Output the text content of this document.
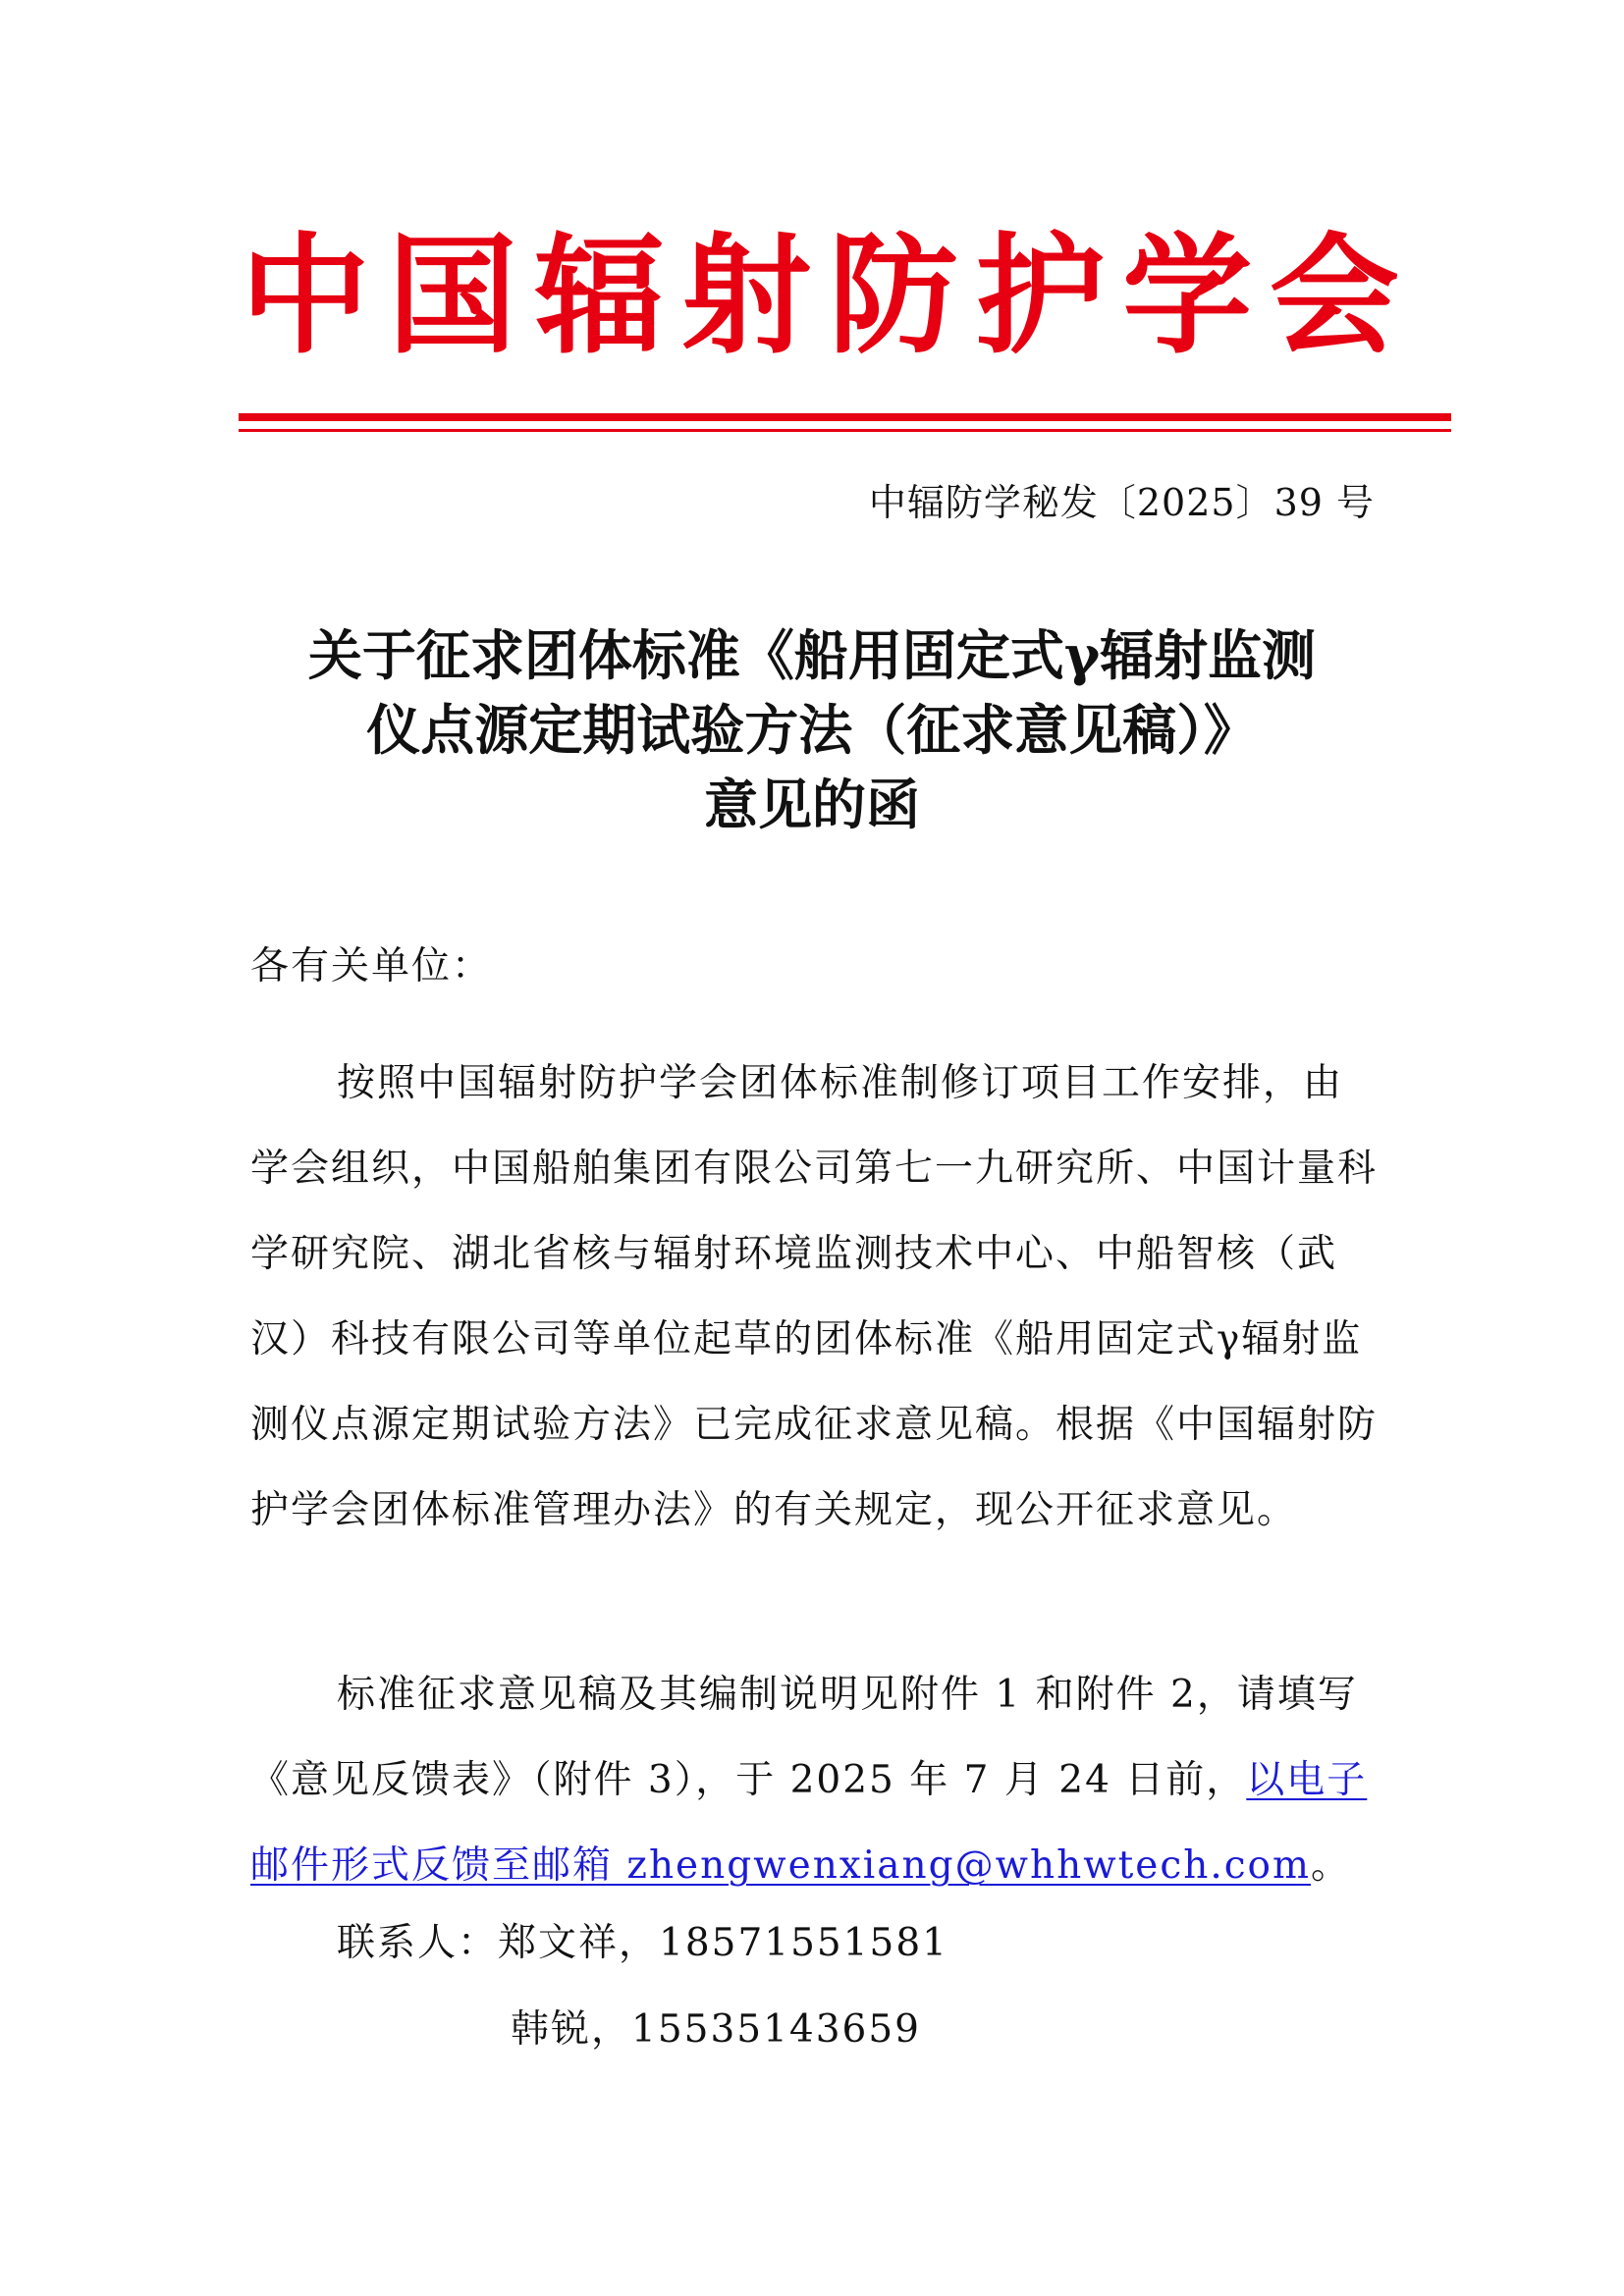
中 国 辐 射 防 护 学 会
中辐防学秘发〔2025〕39 号
关于征求团体标准《船用固定式γ辐射监测
仪点源定期试验方法（征求意见稿）》
意见的函
各有关单位：
按照中国辐射防护学会团体标准制修订项目工作安排，由学会组织，中国船舶集团有限公司第七一九研究所、中国计量科学研究院、湖北省核与辐射环境监测技术中心、中船智核（武汉）科技有限公司等单位起草的团体标准《船用固定式γ辐射监测仪点源定期试验方法》已完成征求意见稿。根据《中国辐射防护学会团体标准管理办法》的有关规定，现公开征求意见。
标准征求意见稿及其编制说明见附件 1 和附件 2，请填写《意见反馈表》（附件 3），于 2025 年 7 月 24 日前，以电子邮件形式反馈至邮箱 zhengwenxiang@whhwtech.com。
联系人：郑文祥，18571551581
韩锐，15535143659
